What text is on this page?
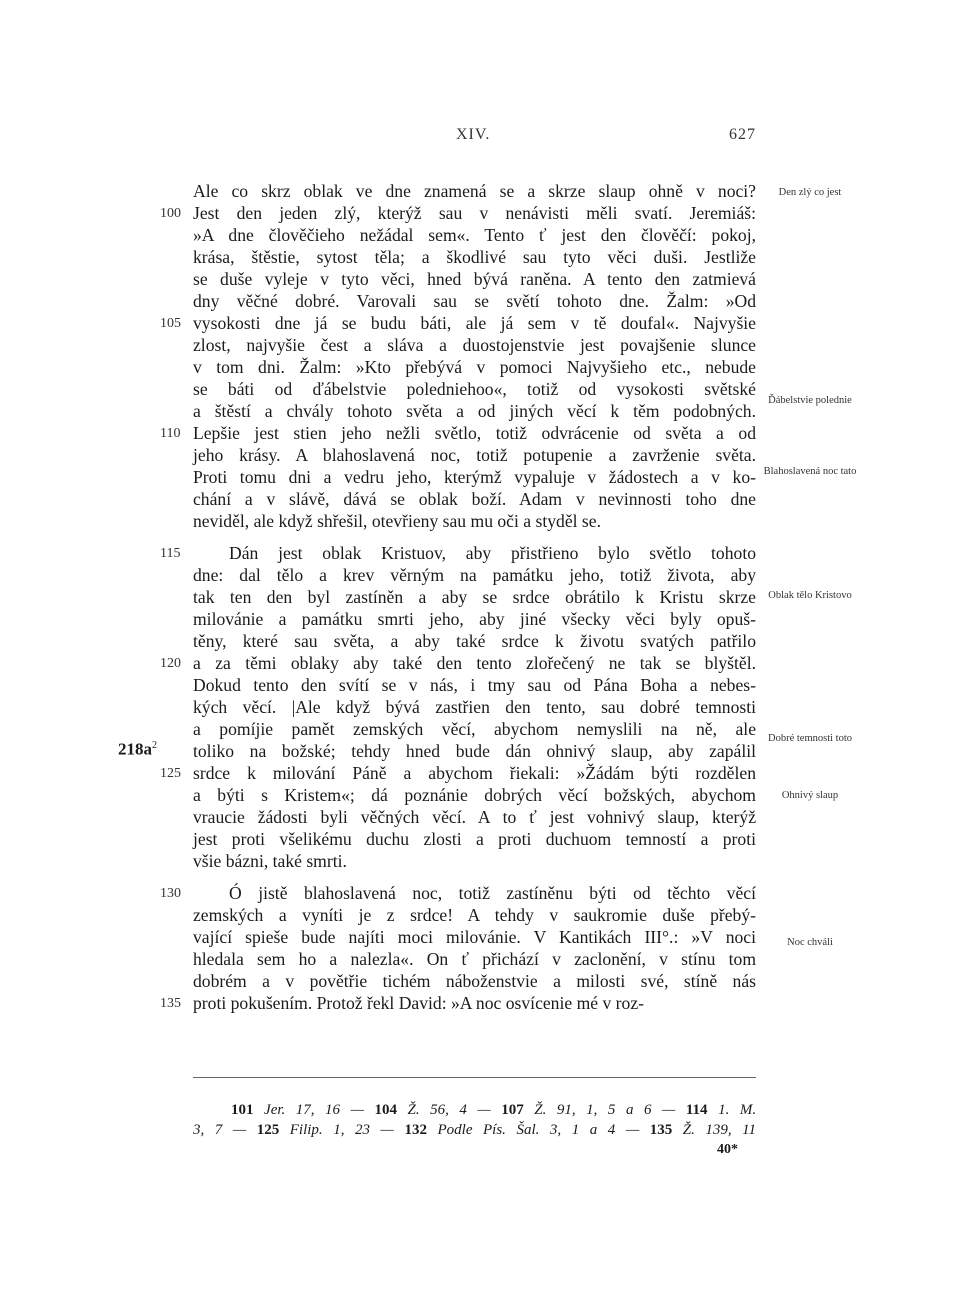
XIV.	627
Ale co skrz oblak ve dne znamená se a skrze slaup ohně v noci?
Jest den jeden zlý, kterýž sau v nenávisti měli svatí. Jeremiáš:
100
»A dne člověčieho nežádal sem«. Tento ť jest den člověčí: pokoj,
krása, štěstie, sytost těla; a škodlivé sau tyto věci duši. Jestliže
se duše vyleje v tyto věci, hned bývá raněna. A tento den zatmievá
dny věčné dobré. Varovali sau se světí tohoto dne. Žalm: »Od
vysokosti dne já se budu báti, ale já sem v tě doufal«. Najvyšie
105
zlost, najvyšie čest a sláva a duostojenstvie jest povajšenie slunce
v tom dni. Žalm: »Kto přebývá v pomoci Najvyšieho etc., nebude
se báti od ďábelstvie poledniehoo«, totiž od vysokosti světské
a štěstí a chvály tohoto světa a od jiných věcí k těm podobných.
Lepšie jest stien jeho nežli světlo, totiž odvrácenie od světa a od
110
jeho krásy. A blahoslavená noc, totiž potupenie a zavrženie světa.
Proti tomu dni a vedru jeho, kterýmž vypaluje v žádostech a v ko-
chání a v slávě, dává se oblak boží. Adam v nevinnosti toho dne
neviděl, ale když shřešil, otevřieny sau mu oči a styděl se.
Dán jest oblak Kristuov, aby přistřieno bylo světlo tohoto
115
dne: dal tělo a krev věrným na památku jeho, totiž života, aby
tak ten den byl zastíněn a aby se srdce obrátilo k Kristu skrze
milovánie a památku smrti jeho, aby jiné všecky věci byly opuš-
těny, které sau světa, a aby také srdce k životu svatých patřilo
a za těmi oblaky aby také den tento zlořečený ne tak se blyštěl.
120
Dokud tento den svítí se v nás, i tmy sau od Pána Boha a nebes-
kých věcí. |Ale když bývá zastřien den tento, sau dobré temnosti
a pomíjie pamět zemských věcí, abychom nemyslili na ně, ale
toliko na božské; tehdy hned bude dán ohnivý slaup, aby zapálil
srdce k milování Páně a abychom řiekali: »Žádám býti rozdělen
125
a býti s Kristem«; dá poznánie dobrých věcí božských, abychom
vraucie žádosti byli věčných věcí. A to ť jest vohnivý slaup, kterýž
jest proti všelikému duchu zlosti a proti duchuom temností a proti
všie bázni, také smrti.
Ó jistě blahoslavená noc, totiž zastíněnu býti od těchto věcí
130
zemských a vyníti je z srdce! A tehdy v saukromie duše přebý-
vající spieše bude najíti moci milovánie. V Kantikách III°.: »V noci
hledala sem ho a nalezla«. On ť přichází v zaclonění, v stínu tom
dobrém a v povětřie tichém náboženstvie a milosti své, stíně nás
proti pokušením. Protož řekl David: »A noc osvícenie mé v roz-
135
$218a^2$
Den zlý co jest
Ďábelstvie polednie
Blahoslavená noc tato
Oblak tělo Kristovo
Dobré temnosti toto
Ohnivý slaup
Noc chváli
101 Jer. 17, 16 — 104 Ž. 56, 4 — 107 Ž. 91, 1, 5 a 6 — 114 1. M.
3, 7 — 125 Filip. 1, 23 — 132 Podle Pís. Šal. 3, 1 a 4 — 135 Ž. 139, 11
40*
